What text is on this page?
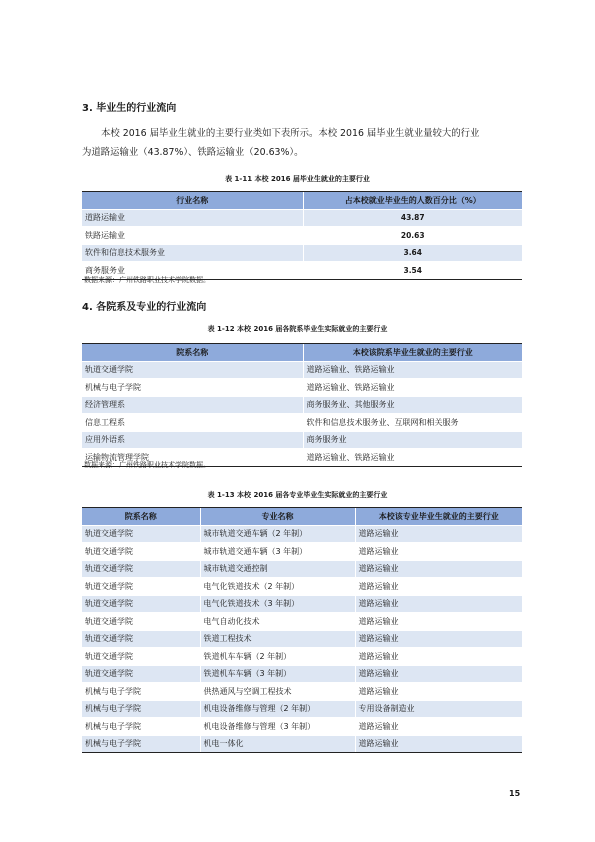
3. 毕业生的行业流向
本校 2016 届毕业生就业的主要行业类如下表所示。本校 2016 届毕业生就业量较大的行业
为道路运输业（43.87%）、铁路运输业（20.63%）。
表 1-11 本校 2016 届毕业生就业的主要行业
行业名称	占本校就业毕业生的人数百分比（%）
道路运输业	43.87
铁路运输业	20.63
软件和信息技术服务业	3.64
商务服务业	3.54
数据来源：广州铁路职业技术学院数据。
4. 各院系及专业的行业流向
表 1-12 本校 2016 届各院系毕业生实际就业的主要行业
院系名称	本校该院系毕业生就业的主要行业
轨道交通学院	道路运输业、铁路运输业
机械与电子学院	道路运输业、铁路运输业
经济管理系	商务服务业、其他服务业
信息工程系	软件和信息技术服务业、互联网和相关服务
应用外语系	商务服务业
运输物流管理学院	道路运输业、铁路运输业
数据来源：广州铁路职业技术学院数据。
表 1-13 本校 2016 届各专业毕业生实际就业的主要行业
院系名称	专业名称	本校该专业毕业生就业的主要行业
轨道交通学院	城市轨道交通车辆（2 年制）	道路运输业
轨道交通学院	城市轨道交通车辆（3 年制）	道路运输业
轨道交通学院	城市轨道交通控制	道路运输业
轨道交通学院	电气化铁道技术（2 年制）	道路运输业
轨道交通学院	电气化铁道技术（3 年制）	道路运输业
轨道交通学院	电气自动化技术	道路运输业
轨道交通学院	铁道工程技术	道路运输业
轨道交通学院	铁道机车车辆（2 年制）	道路运输业
轨道交通学院	铁道机车车辆（3 年制）	道路运输业
机械与电子学院	供热通风与空调工程技术	道路运输业
机械与电子学院	机电设备维修与管理（2 年制）	专用设备制造业
机械与电子学院	机电设备维修与管理（3 年制）	道路运输业
机械与电子学院	机电一体化	道路运输业
15
